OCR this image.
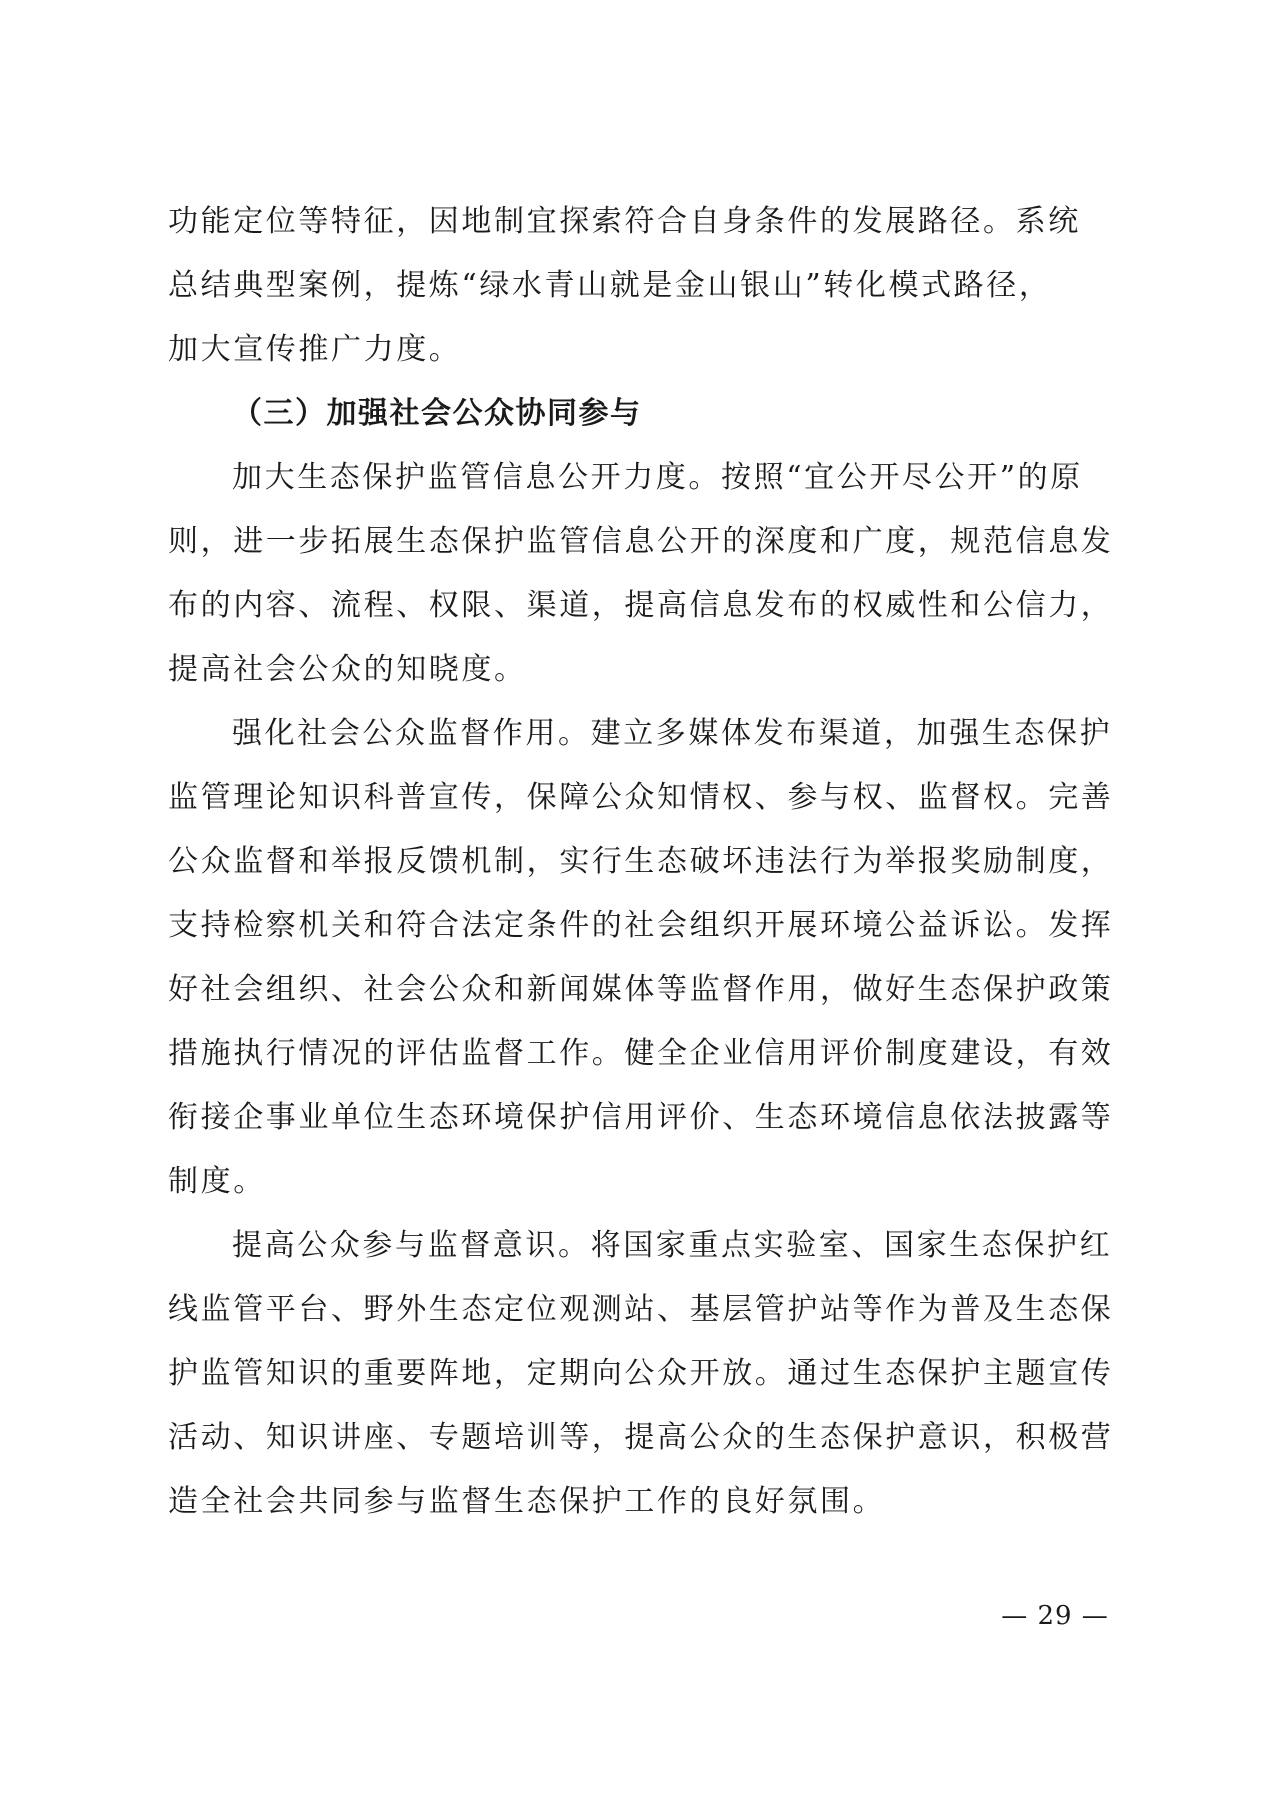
功能定位等特征，因地制宜探索符合自身条件的发展路径。系统
总结典型案例，提炼“绿水青山就是金山银山”转化模式路径，
加大宣传推广力度。
（三）加强社会公众协同参与
加大生态保护监管信息公开力度。按照“宜公开尽公开”的原
则，进一步拓展生态保护监管信息公开的深度和广度，规范信息发
布的内容、流程、权限、渠道，提高信息发布的权威性和公信力，
提高社会公众的知晓度。
强化社会公众监督作用。建立多媒体发布渠道，加强生态保护
监管理论知识科普宣传，保障公众知情权、参与权、监督权。完善
公众监督和举报反馈机制，实行生态破坏违法行为举报奖励制度，
支持检察机关和符合法定条件的社会组织开展环境公益诉讼。发挥
好社会组织、社会公众和新闻媒体等监督作用，做好生态保护政策
措施执行情况的评估监督工作。健全企业信用评价制度建设，有效
衔接企事业单位生态环境保护信用评价、生态环境信息依法披露等
制度。
提高公众参与监督意识。将国家重点实验室、国家生态保护红
线监管平台、野外生态定位观测站、基层管护站等作为普及生态保
护监管知识的重要阵地，定期向公众开放。通过生态保护主题宣传
活动、知识讲座、专题培训等，提高公众的生态保护意识，积极营
造全社会共同参与监督生态保护工作的良好氛围。
— 29 —
